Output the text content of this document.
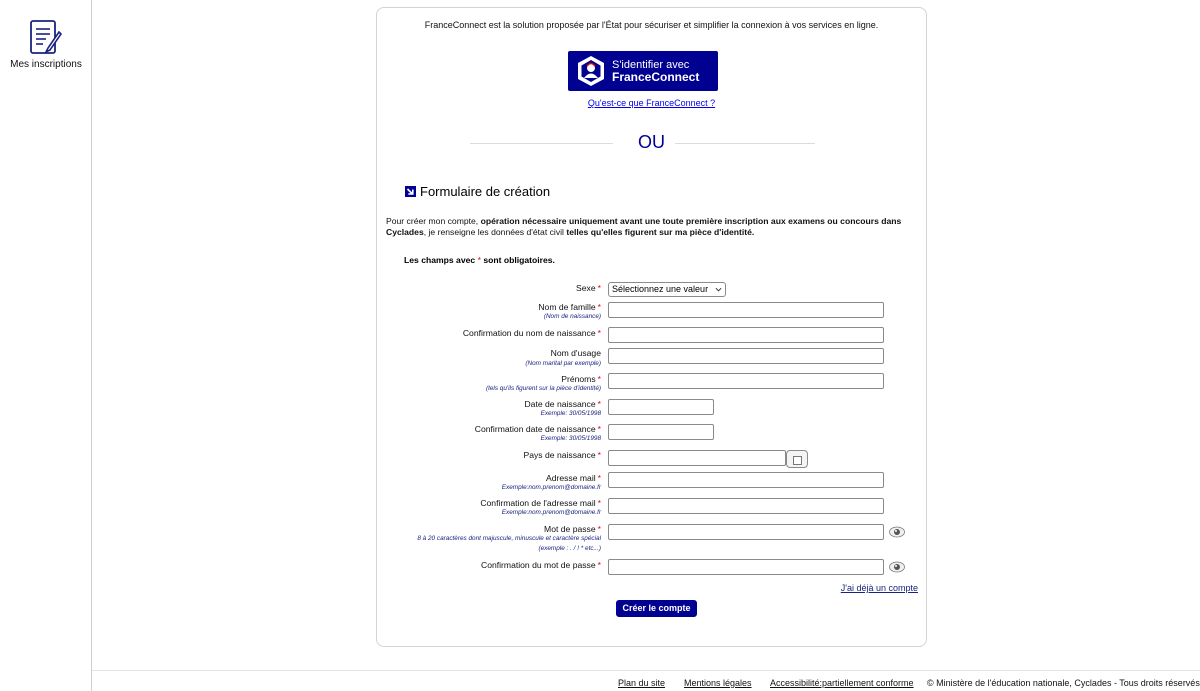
Mes inscriptions
FranceConnect est la solution proposée par l'État pour sécuriser et simplifier la connexion à vos services en ligne.
S'identifier avec
FranceConnect
Qu'est-ce que FranceConnect ?
OU
Formulaire de création
Pour créer mon compte, opération nécessaire uniquement avant une toute première inscription aux examens ou concours dans Cyclades, je renseigne les données d'état civil telles qu'elles figurent sur ma pièce d'identité.
Les champs avec * sont obligatoires.
Sexe *	Sélectionnez une valeur
Nom de famille *
(Nom de naissance)
Confirmation du nom de naissance *
Nom d'usage
(Nom marital par exemple)
Prénoms *
(tels qu'ils figurent sur la pièce d'identité)
Date de naissance *
Exemple: 30/05/1998
Confirmation date de naissance *
Exemple: 30/05/1998
Pays de naissance *
Adresse mail *
Exemple:nom.prenom@domaine.fr
Confirmation de l'adresse mail *
Exemple:nom.prenom@domaine.fr
Mot de passe *
8 à 20 caractères dont majuscule, minuscule et caractère spécial
(exemple : . / ! * etc...)
Confirmation du mot de passe *
J'ai déjà un compte
Créer le compte
Plan du site Mentions légales Accessibilité:partiellement conforme © Ministère de l'éducation nationale, Cyclades - Tous droits réservés
